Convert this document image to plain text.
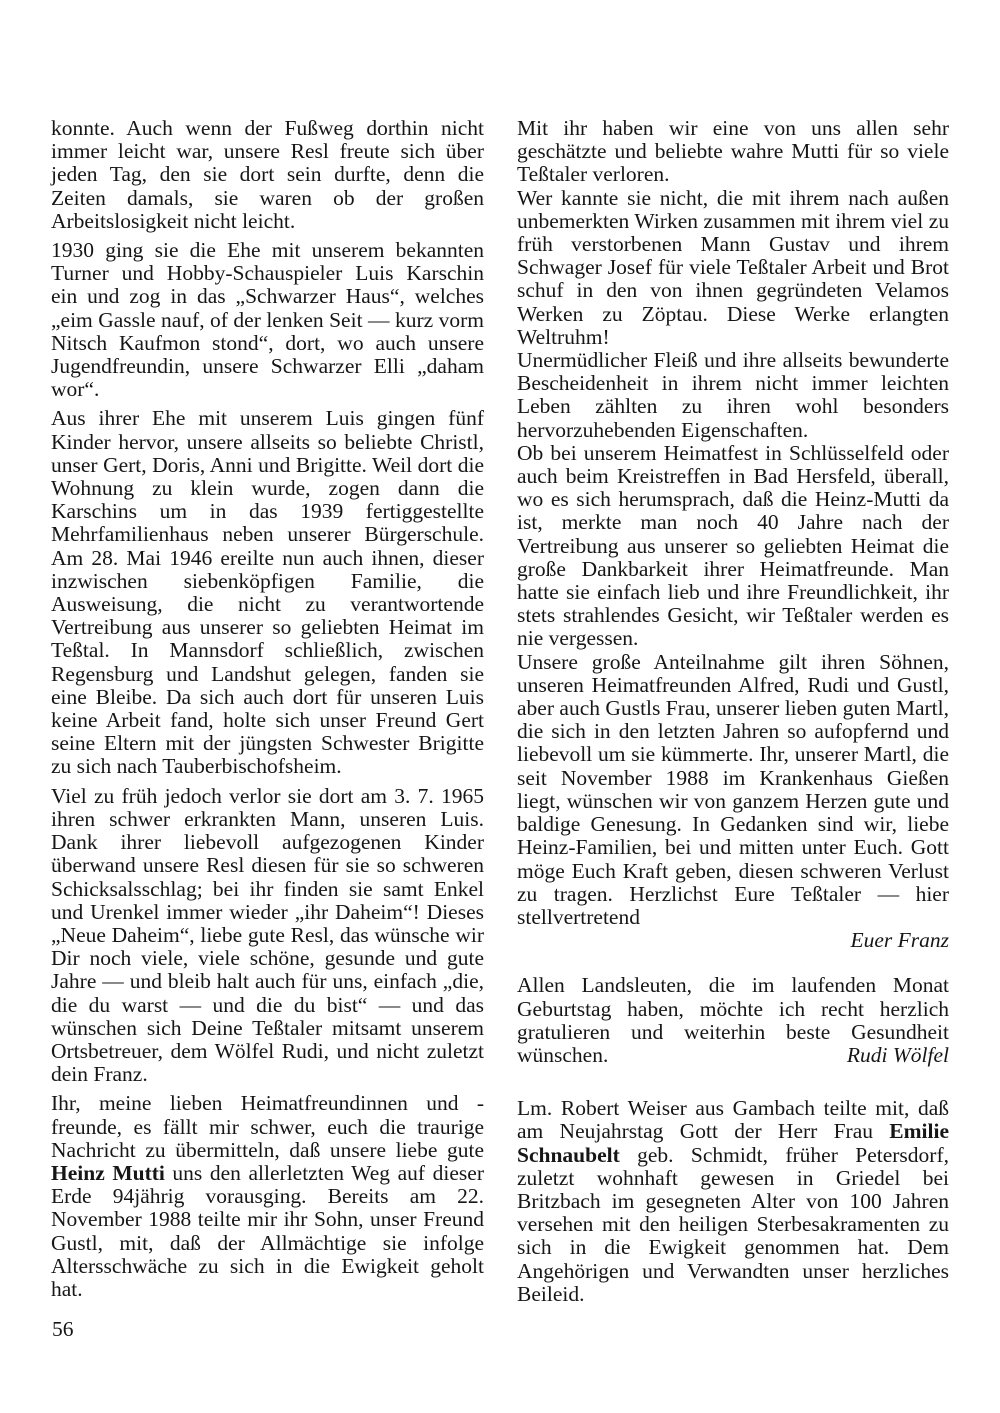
konnte. Auch wenn der Fußweg dorthin nicht immer leicht war, unsere Resl freute sich über jeden Tag, den sie dort sein durfte, denn die Zeiten damals, sie waren ob der großen Arbeitslosigkeit nicht leicht.

1930 ging sie die Ehe mit unserem bekannten Turner und Hobby-Schauspieler Luis Karschin ein und zog in das „Schwarzer Haus“, welches „eim Gassle nauf, of der lenken Seit — kurz vorm Nitsch Kaufmon stond“, dort, wo auch unsere Jugendfreundin, unsere Schwarzer Elli „daham wor“.

Aus ihrer Ehe mit unserem Luis gingen fünf Kinder hervor, unsere allseits so beliebte Christl, unser Gert, Doris, Anni und Brigitte. Weil dort die Wohnung zu klein wurde, zogen dann die Karschins um in das 1939 fertiggestellte Mehrfamilienhaus neben unserer Bürgerschule. Am 28. Mai 1946 ereilte nun auch ihnen, dieser inzwischen siebenköpfigen Familie, die Ausweisung, die nicht zu verantwortende Vertreibung aus unserer so geliebten Heimat im Teßtal. In Mannsdorf schließlich, zwischen Regensburg und Landshut gelegen, fanden sie eine Bleibe. Da sich auch dort für unseren Luis keine Arbeit fand, holte sich unser Freund Gert seine Eltern mit der jüngsten Schwester Brigitte zu sich nach Tauberbischofsheim.

Viel zu früh jedoch verlor sie dort am 3. 7. 1965 ihren schwer erkrankten Mann, unseren Luis. Dank ihrer liebevoll aufgezogenen Kinder überwand unsere Resl diesen für sie so schweren Schicksalsschlag; bei ihr finden sie samt Enkel und Urenkel immer wieder „ihr Daheim“! Dieses „Neue Daheim“, liebe gute Resl, das wünsche wir Dir noch viele, viele schöne, gesunde und gute Jahre — und bleib halt auch für uns, einfach „die, die du warst — und die du bist“ — und das wünschen sich Deine Teßtaler mitsamt unserem Ortsbetreuer, dem Wölfel Rudi, und nicht zuletzt dein Franz.

Ihr, meine lieben Heimatfreundinnen und -freunde, es fällt mir schwer, euch die traurige Nachricht zu übermitteln, daß unsere liebe gute Heinz Mutti uns den allerletzten Weg auf dieser Erde 94jährig vorausging. Bereits am 22. November 1988 teilte mir ihr Sohn, unser Freund Gustl, mit, daß der Allmächtige sie infolge Altersschwäche zu sich in die Ewigkeit geholt hat.

Mit ihr haben wir eine von uns allen sehr geschätzte und beliebte wahre Mutti für so viele Teßtaler verloren.

Wer kannte sie nicht, die mit ihrem nach außen unbemerkten Wirken zusammen mit ihrem viel zu früh verstorbenen Mann Gustav und ihrem Schwager Josef für viele Teßtaler Arbeit und Brot schuf in den von ihnen gegründeten Velamos Werken zu Zöptau. Diese Werke erlangten Weltruhm!

Unermüdlicher Fleiß und ihre allseits bewunderte Bescheidenheit in ihrem nicht immer leichten Leben zählten zu ihren wohl besonders hervorzuhebenden Eigenschaften.

Ob bei unserem Heimatfest in Schlüsselfeld oder auch beim Kreistreffen in Bad Hersfeld, überall, wo es sich herumsprach, daß die Heinz-Mutti da ist, merkte man noch 40 Jahre nach der Vertreibung aus unserer so geliebten Heimat die große Dankbarkeit ihrer Heimatfreunde. Man hatte sie einfach lieb und ihre Freundlichkeit, ihr stets strahlendes Gesicht, wir Teßtaler werden es nie vergessen.

Unsere große Anteilnahme gilt ihren Söhnen, unseren Heimatfreunden Alfred, Rudi und Gustl, aber auch Gustls Frau, unserer lieben guten Martl, die sich in den letzten Jahren so aufopfernd und liebevoll um sie kümmerte. Ihr, unserer Martl, die seit November 1988 im Krankenhaus Gießen liegt, wünschen wir von ganzem Herzen gute und baldige Genesung. In Gedanken sind wir, liebe Heinz-Familien, bei und mitten unter Euch. Gott möge Euch Kraft geben, diesen schweren Verlust zu tragen. Herzlichst Eure Teßtaler — hier stellvertretend

Euer Franz

Allen Landsleuten, die im laufenden Monat Geburtstag haben, möchte ich recht herzlich gratulieren und weiterhin beste Gesundheit wünschen.	Rudi Wölfel

Lm. Robert Weiser aus Gambach teilte mit, daß am Neujahrstag Gott der Herr Frau Emilie Schnaubelt geb. Schmidt, früher Petersdorf, zuletzt wohnhaft gewesen in Griedel bei Britzbach im gesegneten Alter von 100 Jahren versehen mit den heiligen Sterbesakramenten zu sich in die Ewigkeit genommen hat. Dem Angehörigen und Verwandten unser herzliches Beileid.

56
